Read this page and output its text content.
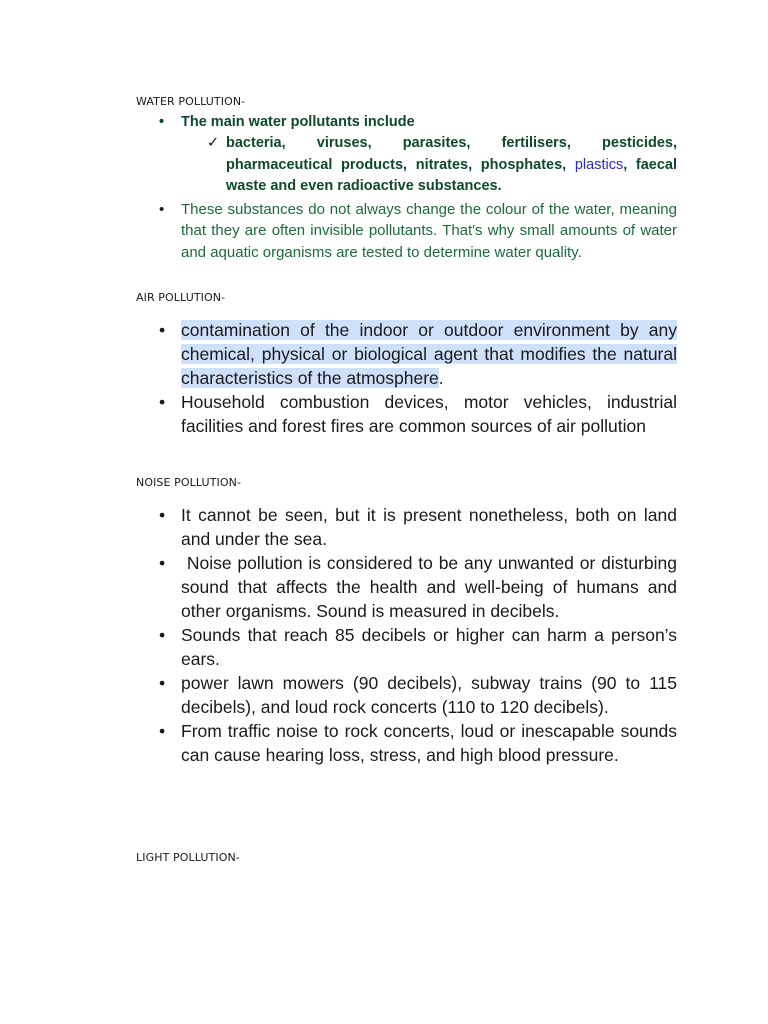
WATER POLLUTION-

• The main water pollutants include
✓ bacteria, viruses, parasites, fertilisers, pesticides, pharmaceutical products, nitrates, phosphates, plastics, faecal waste and even radioactive substances.
• These substances do not always change the colour of the water, meaning that they are often invisible pollutants. That's why small amounts of water and aquatic organisms are tested to determine water quality.

AIR POLLUTION-

• contamination of the indoor or outdoor environment by any chemical, physical or biological agent that modifies the natural characteristics of the atmosphere.
• Household combustion devices, motor vehicles, industrial facilities and forest fires are common sources of air pollution

NOISE POLLUTION-

• It cannot be seen, but it is present nonetheless, both on land and under the sea.
• Noise pollution is considered to be any unwanted or disturbing sound that affects the health and well-being of humans and other organisms. Sound is measured in decibels.
• Sounds that reach 85 decibels or higher can harm a person’s ears.
• power lawn mowers (90 decibels), subway trains (90 to 115 decibels), and loud rock concerts (110 to 120 decibels).
• From traffic noise to rock concerts, loud or inescapable sounds can cause hearing loss, stress, and high blood pressure.

LIGHT POLLUTION-
